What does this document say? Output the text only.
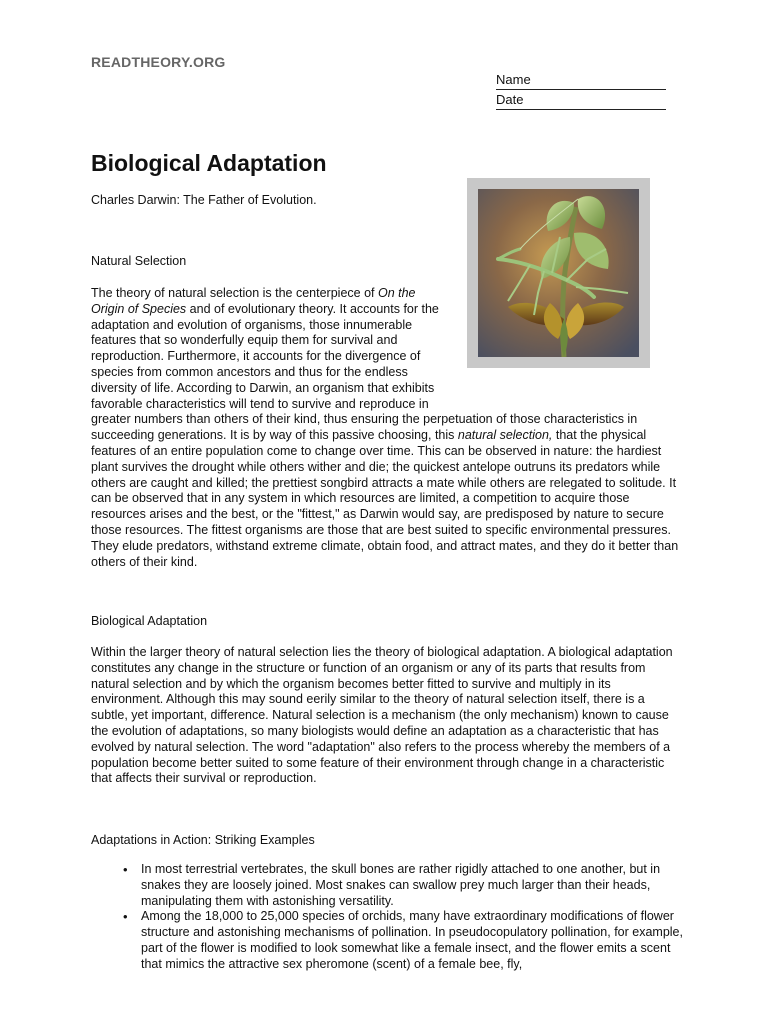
READTHEORY.ORG
Name
Date
Biological Adaptation
Charles Darwin: The Father of Evolution.
Natural Selection

The theory of natural selection is the centerpiece of On the Origin of Species and of evolutionary theory. It accounts for the adaptation and evolution of organisms, those innumerable features that so wonderfully equip them for survival and reproduction. Furthermore, it accounts for the divergence of species from common ancestors and thus for the endless diversity of life. According to Darwin, an organism that exhibits favorable characteristics will tend to survive and reproduce in greater numbers than others of their kind, thus ensuring the perpetuation of those characteristics in succeeding generations. It is by way of this passive choosing, this natural selection, that the physical features of an entire population come to change over time. This can be observed in nature: the hardiest plant survives the drought while others wither and die; the quickest antelope outruns its predators while others are caught and killed; the prettiest songbird attracts a mate while others are relegated to solitude. It can be observed that in any system in which resources are limited, a competition to acquire those resources arises and the best, or the "fittest," as Darwin would say, are predisposed by nature to secure those resources. The fittest organisms are those that are best suited to specific environmental pressures. They elude predators, withstand extreme climate, obtain food, and attract mates, and they do it better than others of their kind.

Biological Adaptation

Within the larger theory of natural selection lies the theory of biological adaptation. A biological adaptation constitutes any change in the structure or function of an organism or any of its parts that results from natural selection and by which the organism becomes better fitted to survive and multiply in its environment. Although this may sound eerily similar to the theory of natural selection itself, there is a subtle, yet important, difference. Natural selection is a mechanism (the only mechanism) known to cause the evolution of adaptations, so many biologists would define an adaptation as a characteristic that has evolved by natural selection. The word "adaptation" also refers to the process whereby the members of a population become better suited to some feature of their environment through change in a characteristic that affects their survival or reproduction.

Adaptations in Action: Striking Examples
• In most terrestrial vertebrates, the skull bones are rather rigidly attached to one another, but in snakes they are loosely joined. Most snakes can swallow prey much larger than their heads, manipulating them with astonishing versatility.
• Among the 18,000 to 25,000 species of orchids, many have extraordinary modifications of flower structure and astonishing mechanisms of pollination. In pseudocopulatory pollination, for example, part of the flower is modified to look somewhat like a female insect, and the flower emits a scent that mimics the attractive sex pheromone (scent) of a female bee, fly,
